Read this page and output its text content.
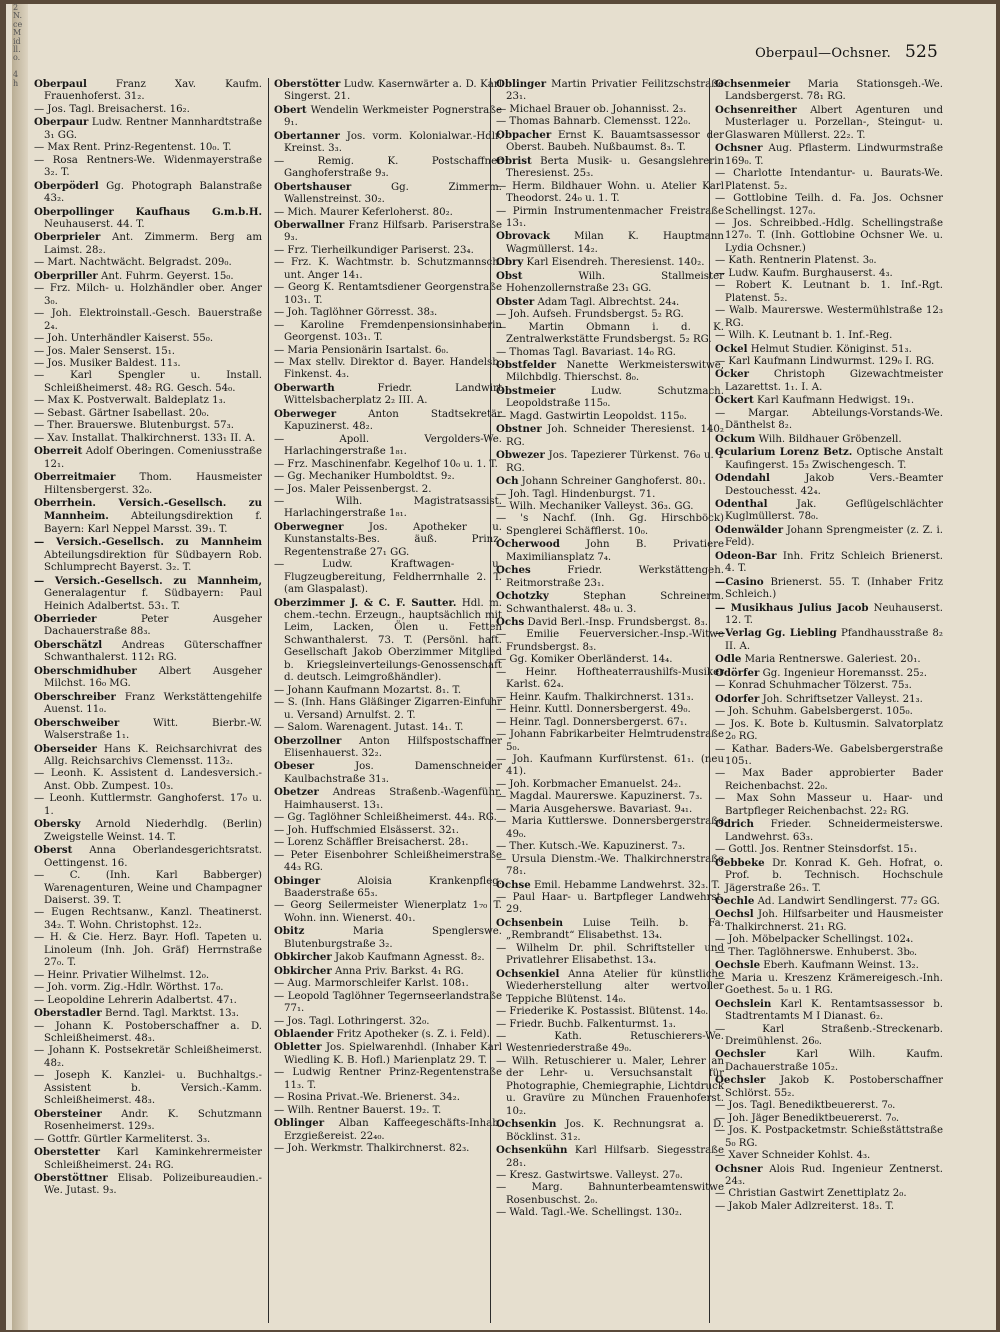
2
N.
ce
M
id
ll.
o.

4
h

Oberpaul—Ochsner. 525

Oberpaul Franz Xav. Kaufm. Frauenhoferst. 31₂.

— Jos. Tagl. Breisacherst. 16₂.

Oberpaur Ludw. Rentner Mannhardtstraße 3₁ GG.

— Max Rent. Prinz-Regentenst. 10₀. T.

— Rosa Rentners-We. Widenmayerstraße 3₂. T.

Oberpöderl Gg. Photograph Balanstraße 43₂.

Oberpollinger Kaufhaus G.m.b.H. Neuhauserst. 44. T.

Oberprieler Ant. Zimmerm. Berg am Laimst. 28₂.

— Mart. Nachtwächt. Belgradst. 209₀.

Oberpriller Ant. Fuhrm. Geyerst. 15₀.

— Frz. Milch- u. Holzhändler ober. Anger 3₀.

— Joh. Elektroinstall.-Gesch. Bauerstraße 2₄.

— Joh. Unterhändler Kaiserst. 55₀.

— Jos. Maler Senserst. 15₁.

— Jos. Musiker Baldest. 11₃.

— Karl Spengler u. Install. Schleißheimerst. 48₂ RG. Gesch. 54₀.

— Max K. Postverwalt. Baldeplatz 1₃.

— Sebast. Gärtner Isabellast. 20₀.

— Ther. Brauerswe. Blutenburgst. 57₃.

— Xav. Installat. Thalkirchnerst. 133₁ II. A.

Oberreit Adolf Oberingen. Comeniusstraße 12₁.

Oberreitmaier Thom. Hausmeister Hiltensbergerst. 32₀.

Oberrhein. Versich.-Gesellsch. zu Mannheim. Abteilungsdirektion f. Bayern: Karl Neppel Marsst. 39₁. T.

— Versich.-Gesellsch. zu Mannheim Abteilungsdirektion für Südbayern Rob. Schlumprecht Bayerst. 3₂. T.

— Versich.-Gesellsch. zu Mannheim, Generalagentur f. Südbayern: Paul Heinich Adalbertst. 53₁. T.

Oberrieder Peter Ausgeher Dachauerstraße 88₃.

Oberschätzl Andreas Güterschaffner Schwanthalerst. 112₁ RG.

Oberschmidhuber Albert Ausgeher Milchst. 16₀ MG.

Oberschreiber Franz Werkstättengehilfe Auenst. 11₀.

Oberschweiber Witt. Bierbr.-W. Walserstraße 1₁.

Oberseider Hans K. Reichsarchivrat des Allg. Reichsarchivs Clemensst. 113₂.

— Leonh. K. Assistent d. Landesversich.-Anst. Obb. Zumpest. 10₃.

— Leonh. Kuttlermstr. Ganghoferst. 17₀ u. 1.

Obersky Arnold Niederhdlg. (Berlin) Zweigstelle Weinst. 14. T.

Oberst Anna Oberlandesgerichtsratst. Oettingenst. 16.

— C. (Inh. Karl Babberger) Warenagenturen, Weine und Champagner Daiserst. 39. T.

— Eugen Rechtsanw., Kanzl. Theatinerst. 34₂. T. Wohn. Christophst. 12₂.

— H. & Cie. Herz. Bayr. Hofl. Tapeten u. Linoleum (Inh. Joh. Gräf) Herrnstraße 27₀. T.

— Heinr. Privatier Wilhelmst. 12₀.

— Joh. vorm. Zig.-Hdlr. Wörthst. 17₀.

— Leopoldine Lehrerin Adalbertst. 47₁.

Oberstadler Bernd. Tagl. Marktst. 13₃.

— Johann K. Postoberschaffner a. D. Schleißheimerst. 48₃.

— Johann K. Postsekretär Schleißheimerst. 48₂.

— Joseph K. Kanzlei- u. Buchhaltgs.-Assistent b. Versich.-Kamm. Schleißheimerst. 48₃.

Obersteiner Andr. K. Schutzmann Rosenheimerst. 129₃.

— Gottfr. Gürtler Karmeliterst. 3₃.

Oberstetter Karl Kaminkehrermeister Schleißheimerst. 24₁ RG.

Oberstöttner Elisab. Polizeibureaudien.-We. Jutast. 9₃.

Oberstötter Ludw. Kasernwärter a. D. Karl Singerst. 21.

Obert Wendelin Werkmeister Pognerstraße 9₁.

Obertanner Jos. vorm. Kolonialwar.-Hdlr. Kreinst. 3₃.

— Remig. K. Postschaffner Ganghoferstraße 9₃.

Obertshauser Gg. Zimmerm. Wallenstreinst. 30₂.

— Mich. Maurer Keferloherst. 80₂.

Oberwallner Franz Hilfsarb. Pariserstraße 9₃.

— Frz. Tierheilkundiger Pariserst. 23₄.

— Frz. K. Wachtmstr. b. Schutzmannsch. unt. Anger 14₁.

— Georg K. Rentamtsdiener Georgenstraße 103₁. T.

— Joh. Taglöhner Görresst. 38₃.

— Karoline Fremdenpensionsinhaberin Georgenst. 103₁. T.

— Maria Pensionärin Isartalst. 6₀.

— Max stellv. Direktor d. Bayer. Handelsb. Finkenst. 4₃.

Oberwarth Friedr. Landwirt Wittelsbacherplatz 2₂ III. A.

Oberweger Anton Stadtsekretär Kapuzinerst. 48₂.

— Apoll. Vergolders-We. Harlachingerstraße 1₈₁.

— Frz. Maschinenfabr. Kegelhof 10₀ u. 1. T.

— Gg. Mechaniker Humboldtst. 9₂.

— Jos. Maler Peissenbergst. 2.

— Wilh. Magistratsassist. Harlachingerstraße 1₈₁.

Oberwegner Jos. Apotheker u. Kunstanstalts-Bes. äuß. Prinz-Regentenstraße 27₁ GG.

— Ludw. Kraftwagen- u. Flugzeugbereitung, Feldherrnhalle 2. T. (am Glaspalast).

Oberzimmer J. & C. F. Sautter. Hdl. m. chem.-techn. Erzeugn., hauptsächlich mit Leim, Lacken, Ölen u. Fetten Schwanthalerst. 73. T. (Persönl. haft. Gesellschaft Jakob Oberzimmer Mitglied b. Kriegsleinverteilungs-Genossenschaft d. deutsch. Leimgroßhändler).

— Johann Kaufmann Mozartst. 8₁. T.

— S. (Inh. Hans Gläßinger Zigarren-Einfuhr u. Versand) Arnulfst. 2. T.

— Salom. Warenagent. Jutast. 14₁. T.

Oberzollner Anton Hilfspostschaffner Elisenhauerst. 32₂.

Obeser Jos. Damenschneider Kaulbachstraße 31₃.

Obetzer Andreas Straßenb.-Wagenführ. Haimhauserst. 13₁.

— Gg. Taglöhner Schleißheimerst. 44₃. RG.

— Joh. Huffschmied Elsässerst. 32₁.

— Lorenz Schäffler Breisacherst. 28₁.

— Peter Eisenbohrer Schleißheimerstraße 44₃ RG.

Obinger Aloisia Krankenpfleg. Baaderstraße 65₃.

— Georg Seilermeister Wienerplatz 1₇₀ T. Wohn. inn. Wienerst. 40₁.

Obitz Maria Spenglerswe. Blutenburgstraße 3₂.

Obkircher Jakob Kaufmann Agnesst. 8₂.

Obkircher Anna Priv. Barkst. 4₁ RG.

— Aug. Marmorschleifer Karlst. 108₁.

— Leopold Taglöhner Tegernseerlandstraße 77₁.

— Jos. Tagl. Lothringerst. 32₀.

Oblaender Fritz Apotheker (s. Z. i. Feld).

Obletter Jos. Spielwarenhdl. (Inhaber Karl Wiedling K. B. Hofl.) Marienplatz 29. T.

— Ludwig Rentner Prinz-Regentenstraße 11₃. T.

— Rosina Privat.-We. Brienerst. 34₂.

— Wilh. Rentner Bauerst. 19₂. T.

Oblinger Alban Kaffeegeschäfts-Inhab. Erzgießereist. 22₄₀.

— Joh. Werkmstr. Thalkirchnerst. 82₃.

Oblinger Martin Privatier Feilitzschstraße 23₁.

— Michael Brauer ob. Johannisst. 2₃.

— Thomas Bahnarb. Clemensst. 122₀.

Obpacher Ernst K. Bauamtsassessor der Oberst. Baubeh. Nußbaumst. 8₃. T.

Obrist Berta Musik- u. Gesangslehrerin Theresienst. 25₃.

— Herm. Bildhauer Wohn. u. Atelier Karl Theodorst. 24₀ u. 1. T.

— Pirmin Instrumentenmacher Freistraße 13₁.

Obrovack Milan K. Hauptmann Wagmüllerst. 14₂.

Obry Karl Eisendreh. Theresienst. 140₂.

Obst Wilh. Stallmeister Hohenzollernstraße 23₁ GG.

Obster Adam Tagl. Albrechtst. 24₄.

— Joh. Aufseh. Frundsbergst. 5₂ RG.

— Martin Obmann i. d. K. Zentralwerkstätte Frundsbergst. 5₂ RG.

— Thomas Tagl. Bavariast. 14₀ RG.

Obstfelder Nanette Werkmeisterswitwe, Milchbdlg. Thierschst. 8₀.

Obstmeier Ludw. Schutzmach. Leopoldstraße 115₀.

— Magd. Gastwirtin Leopoldst. 115₀.

Obstner Joh. Schneider Theresienst. 140₂ RG.

Obwezer Jos. Tapezierer Türkenst. 76₀ u. 1 RG.

Och Johann Schreiner Ganghoferst. 80₁.

— Joh. Tagl. Hindenburgst. 71.

— Wilh. Mechaniker Valleyst. 36₃. GG.

— 's Nachf. (Inh. Gg. Hirschböck) Spenglerei Schäfflerst. 10₀.

Ocherwood John B. Privatiere Maximiliansplatz 7₄.

Oches Friedr. Werkstättengeh. Reitmorstraße 23₁.

Ochotzky Stephan Schreinerm. Schwanthalerst. 48₀ u. 3.

Ochs David Berl.-Insp. Frundsbergst. 8₃.

— Emilie Feuerversicher.-Insp.-Witwe Frundsbergst. 8₃.

— Gg. Komiker Oberländerst. 14₄.

— Heinr. Hoftheaterraushilfs-Musiker Karlst. 62₄.

— Heinr. Kaufm. Thalkirchnerst. 131₃.

— Heinr. Kuttl. Donnersbergerst. 49₀.

— Heinr. Tagl. Donnersbergerst. 67₁.

— Johann Fabrikarbeiter Helmtrudenstraße 5₀.

— Joh. Kaufmann Kurfürstenst. 61₁. (neu 41).

— Joh. Korbmacher Emanuelst. 24₂.

— Magdal. Maurerswe. Kapuzinerst. 7₃.

— Maria Ausgeherswe. Bavariast. 9₄₁.

— Maria Kuttlerswe. Donnersbergerstraße 49₀.

— Ther. Kutsch.-We. Kapuzinerst. 7₃.

— Ursula Dienstm.-We. Thalkirchnerstraße 78₁.

Ochse Emil. Hebamme Landwehrst. 32₃. T.

— Paul Haar- u. Bartpfleger Landwehrst. 29.

Ochsenbein Luise Teilh. b. Fa. „Rembrandt“ Elisabethst. 13₄.

— Wilhelm Dr. phil. Schriftsteller und Privatlehrer Elisabethst. 13₄.

Ochsenkiel Anna Atelier für künstliche Wiederherstellung alter wertvoller Teppiche Blütenst. 14₀.

— Friederike K. Postassist. Blütenst. 14₀.

— Friedr. Buchb. Falkenturmst. 1₃.

— Kath. Retuschierers-We. Westenriederstraße 49₀.

— Wilh. Retuschierer u. Maler, Lehrer an der Lehr- u. Versuchsanstalt für Photographie, Chemiegraphie, Lichtdruck u. Gravüre zu München Frauenhoferst. 10₂.

Ochsenkin Jos. K. Rechnungsrat a. D. Böcklinst. 31₂.

Ochsenkühn Karl Hilfsarb. Siegesstraße 28₁.

— Kresz. Gastwirtswe. Valleyst. 27₀.

— Marg. Bahnunterbeamtenswitwe Rosenbuschst. 2₀.

— Wald. Tagl.-We. Schellingst. 130₂.

Ochsenmeier Maria Stationsgeh.-We. Landsbergerst. 78₁ RG.

Ochsenreither Albert Agenturen und Musterlager u. Porzellan-, Steingut- u. Glaswaren Müllerst. 22₂. T.

Ochsner Aug. Pflasterm. Lindwurmstraße 169₀. T.

— Charlotte Intendantur- u. Baurats-We. Platenst. 5₂.

— Gottlobine Teilh. d. Fa. Jos. Ochsner Schellingst. 127₀.

— Jos. Schreibbed.-Hdlg. Schellingstraße 127₀. T. (Inh. Gottlobine Ochsner We. u. Lydia Ochsner.)

— Kath. Rentnerin Platenst. 3₀.

— Ludw. Kaufm. Burghauserst. 4₃.

— Robert K. Leutnant b. 1. Inf.-Rgt. Platenst. 5₂.

— Walb. Maurerswe. Westermühlstraße 12₃ RG.

— Wilh. K. Leutnant b. 1. Inf.-Reg.

Ockel Helmut Studier. Königinst. 51₃.

— Karl Kaufmann Lindwurmst. 129₀ I. RG.

Ocker Christoph Gizewachtmeister Lazarettst. 1₁. I. A.

Ockert Karl Kaufmann Hedwigst. 19₁.

— Margar. Abteilungs-Vorstands-We. Dänthelst 8₂.

Ockum Wilh. Bildhauer Gröbenzell.

Ocularium Lorenz Betz. Optische Anstalt Kaufingerst. 15₃ Zwischengesch. T.

Odendahl Jakob Vers.-Beamter Destouchesst. 42₄.

Odenthal Jak. Geflügelschlächter Kuglmüllerst. 78₀.

Odenwälder Johann Sprengmeister (z. Z. i. Feld).

Odeon-Bar Inh. Fritz Schleich Brienerst. 4. T.

—Casino Brienerst. 55. T. (Inhaber Fritz Schleich.)

— Musikhaus Julius Jacob Neuhauserst. 12. T.

—Verlag Gg. Liebling Pfandhausstraße 8₂ II. A.

Odle Maria Rentnerswe. Galeriest. 20₁.

Odörfer Gg. Ingenieur Horemansst. 25₂.

— Konrad Schuhmacher Tölzerst. 75₃.

Odorfer Joh. Schriftsetzer Valleyst. 21₃.

— Joh. Schuhm. Gabelsbergerst. 105₀.

— Jos. K. Bote b. Kultusmin. Salvatorplatz 2₀ RG.

— Kathar. Baders-We. Gabelsbergerstraße 105₁.

— Max Bader approbierter Bader Reichenbachst. 22₀.

— Max Sohn Masseur u. Haar- und Bartpfleger Reichenbachst. 22₂ RG.

Odrich Frieder. Schneidermeisterswe. Landwehrst. 63₃.

— Gottl. Jos. Rentner Steinsdorfst. 15₁.

Oebbeke Dr. Konrad K. Geh. Hofrat, o. Prof. b. Technisch. Hochschule Jägerstraße 26₃. T.

Oechle Ad. Landwirt Sendlingerst. 77₂ GG.

Oechsl Joh. Hilfsarbeiter und Hausmeister Thalkirchnerst. 21₁ RG.

— Joh. Möbelpacker Schellingst. 102₄.

— Ther. Taglöhnerswe. Enhuberst. 3b₀.

Oechsle Eberh. Kaufmann Weinst. 13₂.

— Maria u. Kreszenz Krämereigesch.-Inh. Goethest. 5₀ u. 1 RG.

Oechslein Karl K. Rentamtsassessor b. Stadtrentamts M I Dianast. 6₂.

— Karl Straßenb.-Streckenarb. Dreimühlenst. 26₀.

Oechsler Karl Wilh. Kaufm. Dachauerstraße 105₂.

Oechsler Jakob K. Postoberschaffner Schlörst. 55₂.

— Jos. Tagl. Benediktbeuererst. 7₀.

— Joh. Jäger Benediktbeuererst. 7₀.

— Jos. K. Postpacketmstr. Schießstättstraße 5₀ RG.

— Xaver Schneider Kohlst. 4₃.

Ochsner Alois Rud. Ingenieur Zentnerst. 24₃.

— Christian Gastwirt Zenettiplatz 2₀.

— Jakob Maler Adlzreiterst. 18₃. T.
